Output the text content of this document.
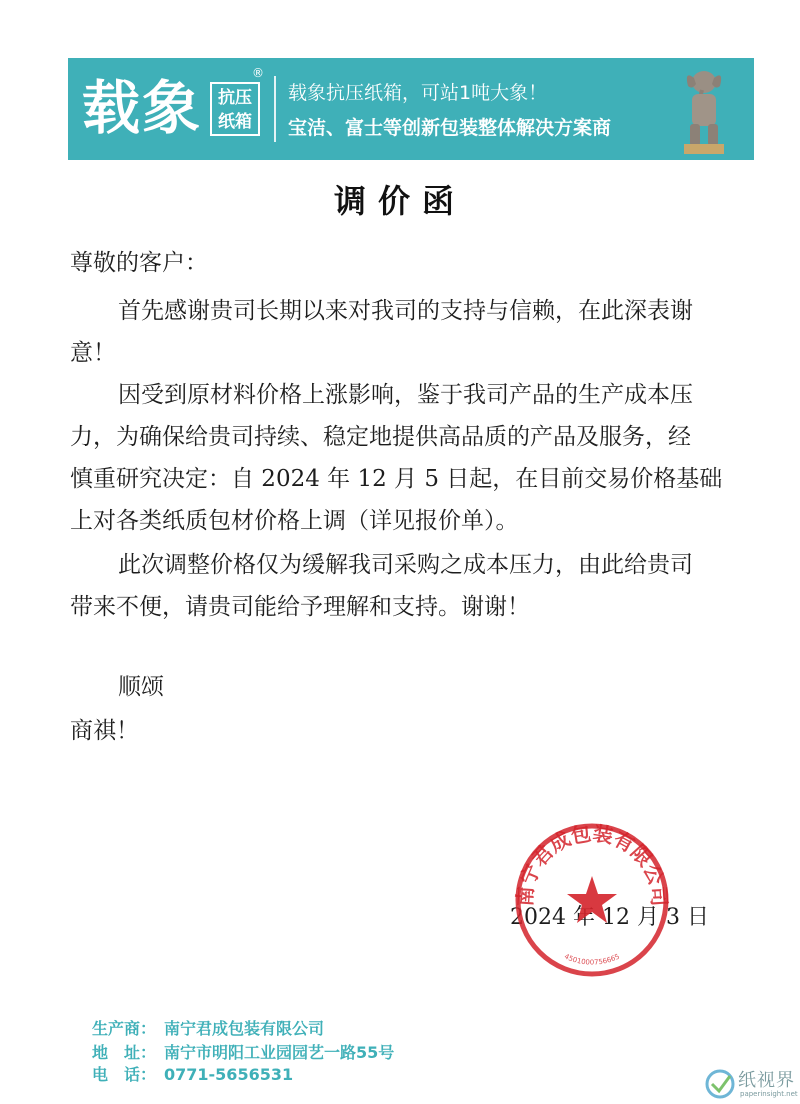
载象
®
抗压
纸箱
载象抗压纸箱，可站1吨大象！
宝洁、富士等创新包装整体解决方案商
调价函
尊敬的客户：
首先感谢贵司长期以来对我司的支持与信赖，在此深表谢
意！
因受到原材料价格上涨影响，鉴于我司产品的生产成本压
力，为确保给贵司持续、稳定地提供高品质的产品及服务，经
慎重研究决定：自 2024 年 12 月 5 日起，在目前交易价格基础
上对各类纸质包材价格上调（详见报价单）。
此次调整价格仅为缓解我司采购之成本压力，由此给贵司
带来不便，请贵司能给予理解和支持。谢谢！
顺颂
商祺！
2024 年 12 月 3 日
南宁君成包装有限公司
4501000756665
生产商： 南宁君成包装有限公司
地　址： 南宁市明阳工业园园艺一路55号
电　话： 0771-5656531	纸视界
paperinsight.net
